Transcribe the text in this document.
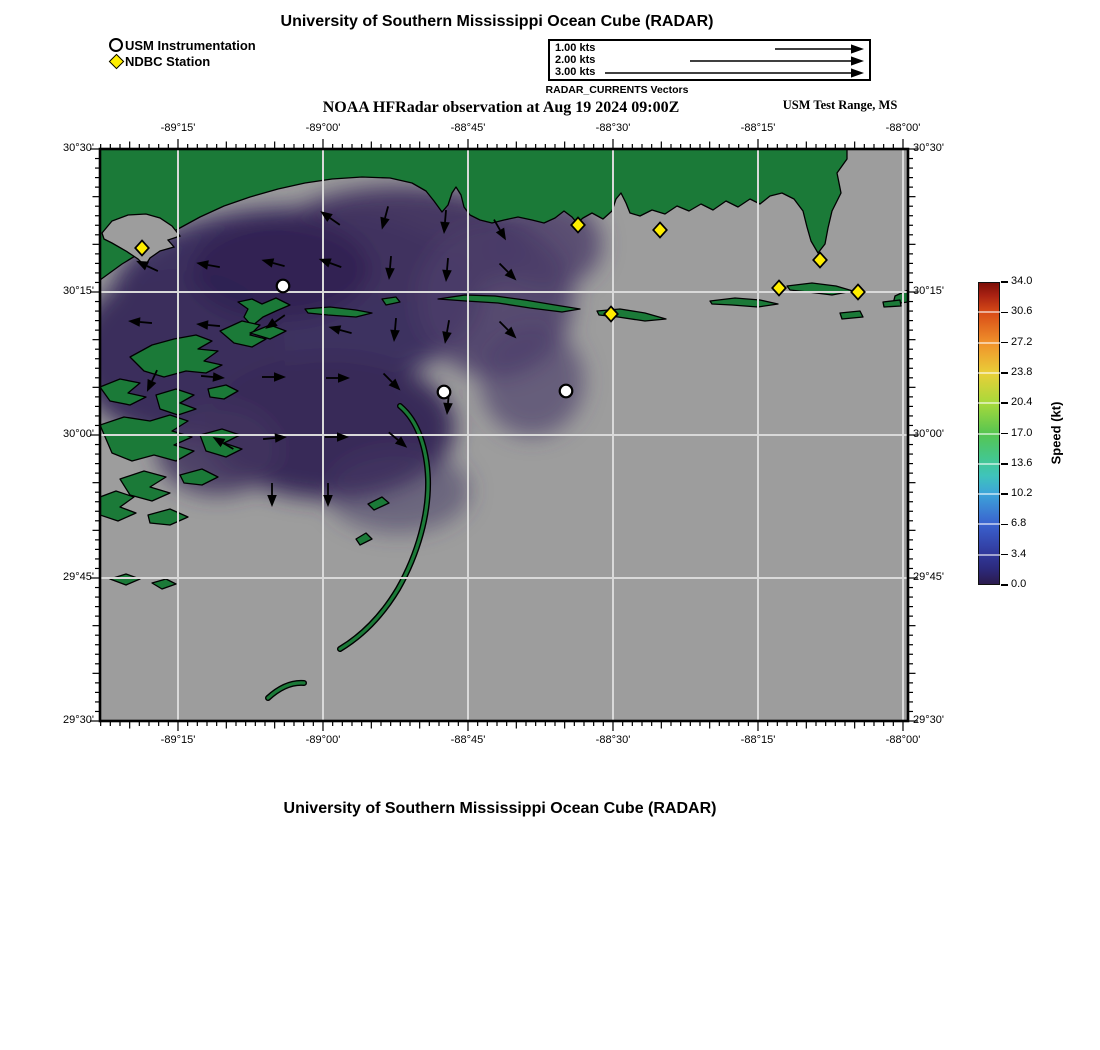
University of Southern Mississippi Ocean Cube (RADAR)
USM Instrumentation
NDBC Station
1.00 kts
2.00 kts
3.00 kts
RADAR_CURRENTS Vectors
NOAA HFRadar observation at Aug 19 2024 09:00Z	USM Test Range, MS
Speed (kt)
University of Southern Mississippi Ocean Cube (RADAR)
-89°15'
-89°15'
-89°00'
-89°00'
-88°45'
-88°45'
-88°30'
-88°30'
-88°15'
-88°15'
-88°00'
-88°00'
30°30'	30°30'
30°15'	30°15'
30°00'	30°00'
29°45'	29°45'
29°30'	29°30'
34.0
30.6
27.2
23.8
20.4
17.0
13.6
10.2
6.8
3.4
0.0
